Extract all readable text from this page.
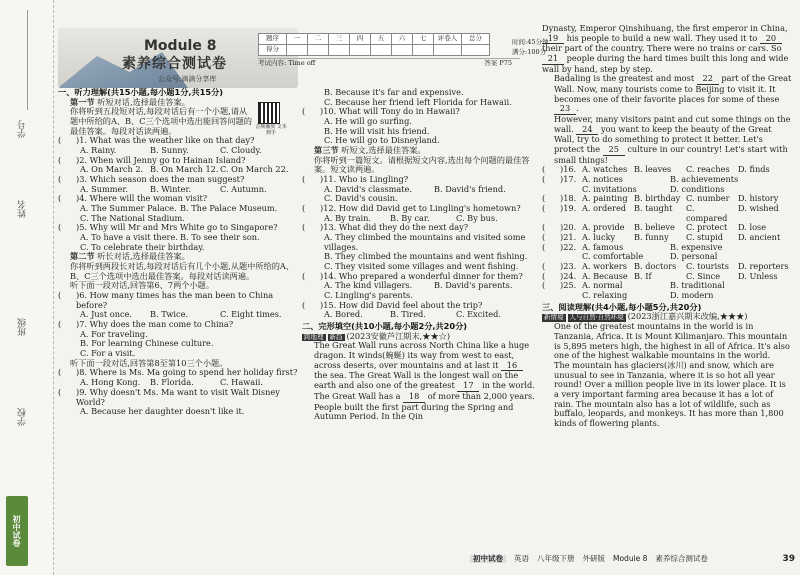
学号
姓名
班级
学校
初中试卷
Module 8
素养综合测试卷
公众号:滴滴分享库
题序	一	二	三	四	五	六	七	评卷人	总分
得分									
时间:45分钟
满分:100分
考试内容: Time off	答案 P75
一、听力理解(共15小题,每小题1分,共15分)
第一节 听短对话,选择最佳答案。
你将听到五段短对话,每段对话后有一个小题,请从题中所给的A、B、C三个选项中选出能回答问题的最佳答案。每段对话读两遍。
(	)1. What was the weather like on that day?
A. Rainy.	B. Sunny.	C. Cloudy.
(	)2. When will Jenny go to Hainan Island?
A. On March 2. B. On March 12. C. On March 22.
(	)3. Which season does the man suggest?
A. Summer.	B. Winter.	C. Autumn.
(	)4. Where will the woman visit?
A. The Summer Palace. B. The Palace Museum.
C. The National Stadium.
(	)5. Why will Mr and Mrs White go to Singapore?
A. To have a visit there. B. To see their son.
C. To celebrate their birthday.
第二节 听长对话,选择最佳答案。
你将听到两段长对话,每段对话后有几个小题,从题中所给的A、B、C三个选项中选出最佳答案。每段对话读两遍。
听下面一段对话,回答第6、7两个小题。
(	)6. How many times has the man been to China before?
A. Just once.	B. Twice.	C. Eight times.
(	)7. Why does the man come to China?
A. For traveling.
B. For learning Chinese culture.
C. For a visit.
听下面一段对话,回答第8至第10三个小题。
(	)8. Where is Ms. Ma going to spend her holiday first?
A. Hong Kong.	B. Florida.	C. Hawaii.
(	)9. Why doesn't Ms. Ma want to visit Walt Disney World?
A. Because her daughter doesn't like it.
音频播放 文本到手
B. Because it's far and expensive.
C. Because her friend left Florida for Hawaii.
(	)10. What will Tony do in Hawaii?
A. He will go surfing.
B. He will visit his friend.
C. He will go to Disneyland.
第三节 听短文,选择最佳答案。
你将听到一篇短文。请根据短文内容,选出每个问题的最佳答案。短文读两遍。
(	)11. Who is Lingling?
A. David's classmate.	B. David's friend.
C. David's cousin.
(	)12. How did David get to Lingling's hometown?
A. By train.	B. By car.	C. By bus.
(	)13. What did they do the next day?
A. They climbed the mountains and visited some villages.
B. They climbed the mountains and went fishing.
C. They visited some villages and went fishing.
(	)14. Who prepared a wonderful dinner for them?
A. The kind villagers.	B. David's parents.
C. Lingling's parents.
(	)15. How did David feel about the trip?
A. Bored.	B. Tired.	C. Excited.
二、完形填空(共10小题,每小题2分,共20分)
跨地理 新趋 (2023安徽芦江期末,★★☆)
The Great Wall runs across North China like a huge dragon. It winds(蜿蜒) its way from west to east, across deserts, over mountains and at last it 16 the sea. The Great Wall is the longest wall on the earth and also one of the greatest 17 in the world.
The Great Wall has a 18 of more than 2,000 years. People built the first part during the Spring and Autumn Period. In the Qin
Dynasty, Emperor Qinshihuang, the first emperor in China, 19 his people to build a new wall. They used it to 20 their part of the country. There were no trains or cars. So 21 people during the hard times built this long and wide wall by hand, step by step.
Badaling is the greatest and most 22 part of the Great Wall. Now, many tourists come to Beijing to visit it. It becomes one of their favorite places for some of these 23 .
However, many visitors paint and cut some things on the wall. 24 you want to keep the beauty of the Great Wall, try to do something to protect it better. Let's protect the 25 culture in our country! Let's start with small things!
(	)16. A. watches B. leaves	C. reaches	D. finds
(	)17. A. notices	B. achievements
C. invitations	D. conditions
(	)18. A. painting B. birthday C. number	D. history
(	)19. A. ordered B. taught	C. compared
D. wished
(	)20. A. provide	B. believe	C. protect	D. lose
(	)21. A. lucky	B. funny	C. stupid	D. ancient
(	)22. A. famous	B. expensive
C. comfortable	D. personal
(	)23. A. workers B. doctors	C. tourists	D. reporters
(	)24. A. Because B. If	C. Since	D. Unless
(	)25. A. normal	B. traditional
C. relaxing	D. modern
三、阅读理解(共4小题,每小题5分,共20分)
新情境 人与自然·自然环境 (2023浙江嘉兴期末改编,★★★)
One of the greatest mountains in the world is in Tanzania, Africa. It is Mount Kilimanjaro. This mountain is 5,895 meters high, the highest in all of Africa. It's also one of the highest walkable mountains in the world.
The mountain has glaciers(冰川) and snow, which are unusual to see in Tanzania, where it is so hot all year round! Over a million people live in its lower place. It is a very important farming area because it has a lot of rain. The mountain also has a lot of wildlife, such as buffalo, leopards, and monkeys. It has more than 1,800 kinds of flowering plants.
初中试卷	英语 八年级下册 外研版 Module 8 素养综合测试卷	39
